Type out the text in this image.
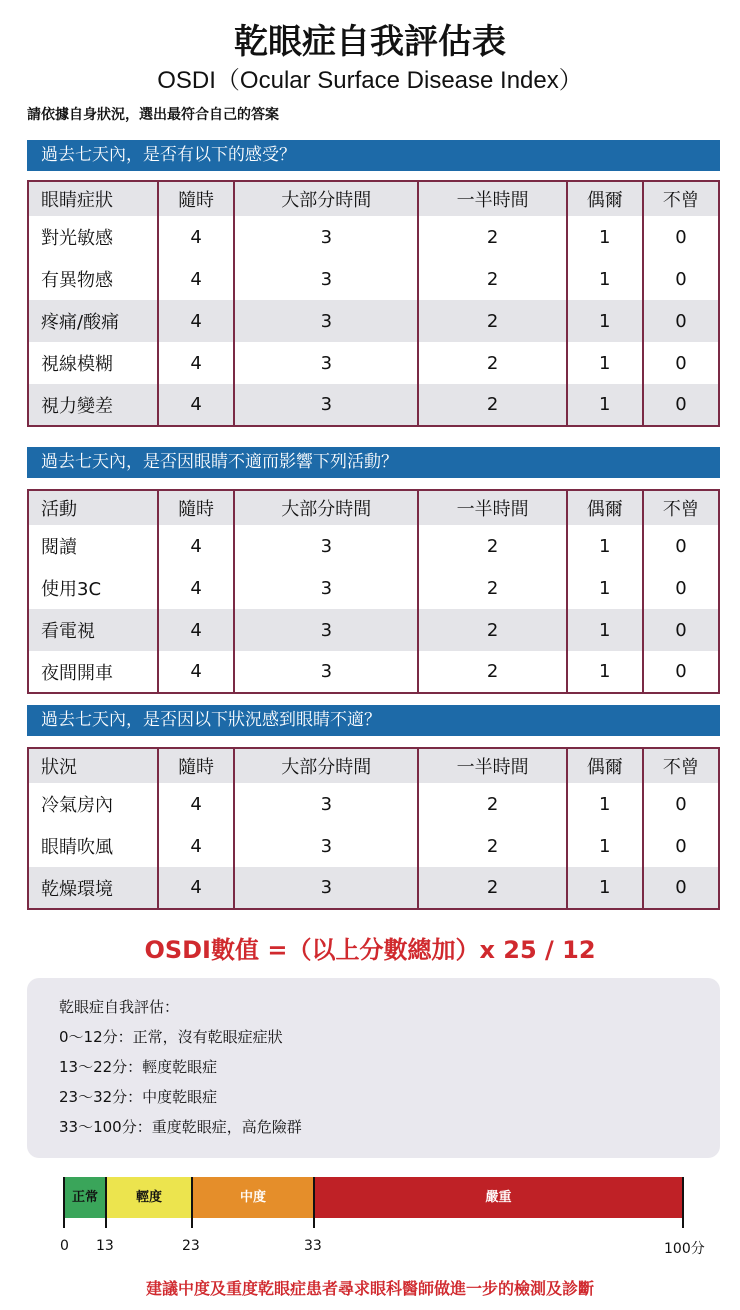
乾眼症自我評估表
OSDI（Ocular Surface Disease Index）
請依據自身狀況，選出最符合自己的答案
過去七天內，是否有以下的感受？
眼睛症狀	隨時	大部分時間	一半時間	偶爾	不曾
對光敏感	4	3	2	1	0
有異物感	4	3	2	1	0
疼痛/酸痛	4	3	2	1	0
視線模糊	4	3	2	1	0
視力變差	4	3	2	1	0
過去七天內，是否因眼睛不適而影響下列活動？
活動	隨時	大部分時間	一半時間	偶爾	不曾
閱讀	4	3	2	1	0
使用3C	4	3	2	1	0
看電視	4	3	2	1	0
夜間開車	4	3	2	1	0
過去七天內，是否因以下狀況感到眼睛不適？
狀況	隨時	大部分時間	一半時間	偶爾	不曾
冷氣房內	4	3	2	1	0
眼睛吹風	4	3	2	1	0
乾燥環境	4	3	2	1	0
OSDI數值 =（以上分數總加）x 25 / 12
乾眼症自我評估：
0～12分：正常，沒有乾眼症症狀
13～22分：輕度乾眼症
23～32分：中度乾眼症
33～100分：重度乾眼症，高危險群
正常	輕度	中度	嚴重
0 13	23	33	100分
建議中度及重度乾眼症患者尋求眼科醫師做進一步的檢測及診斷
